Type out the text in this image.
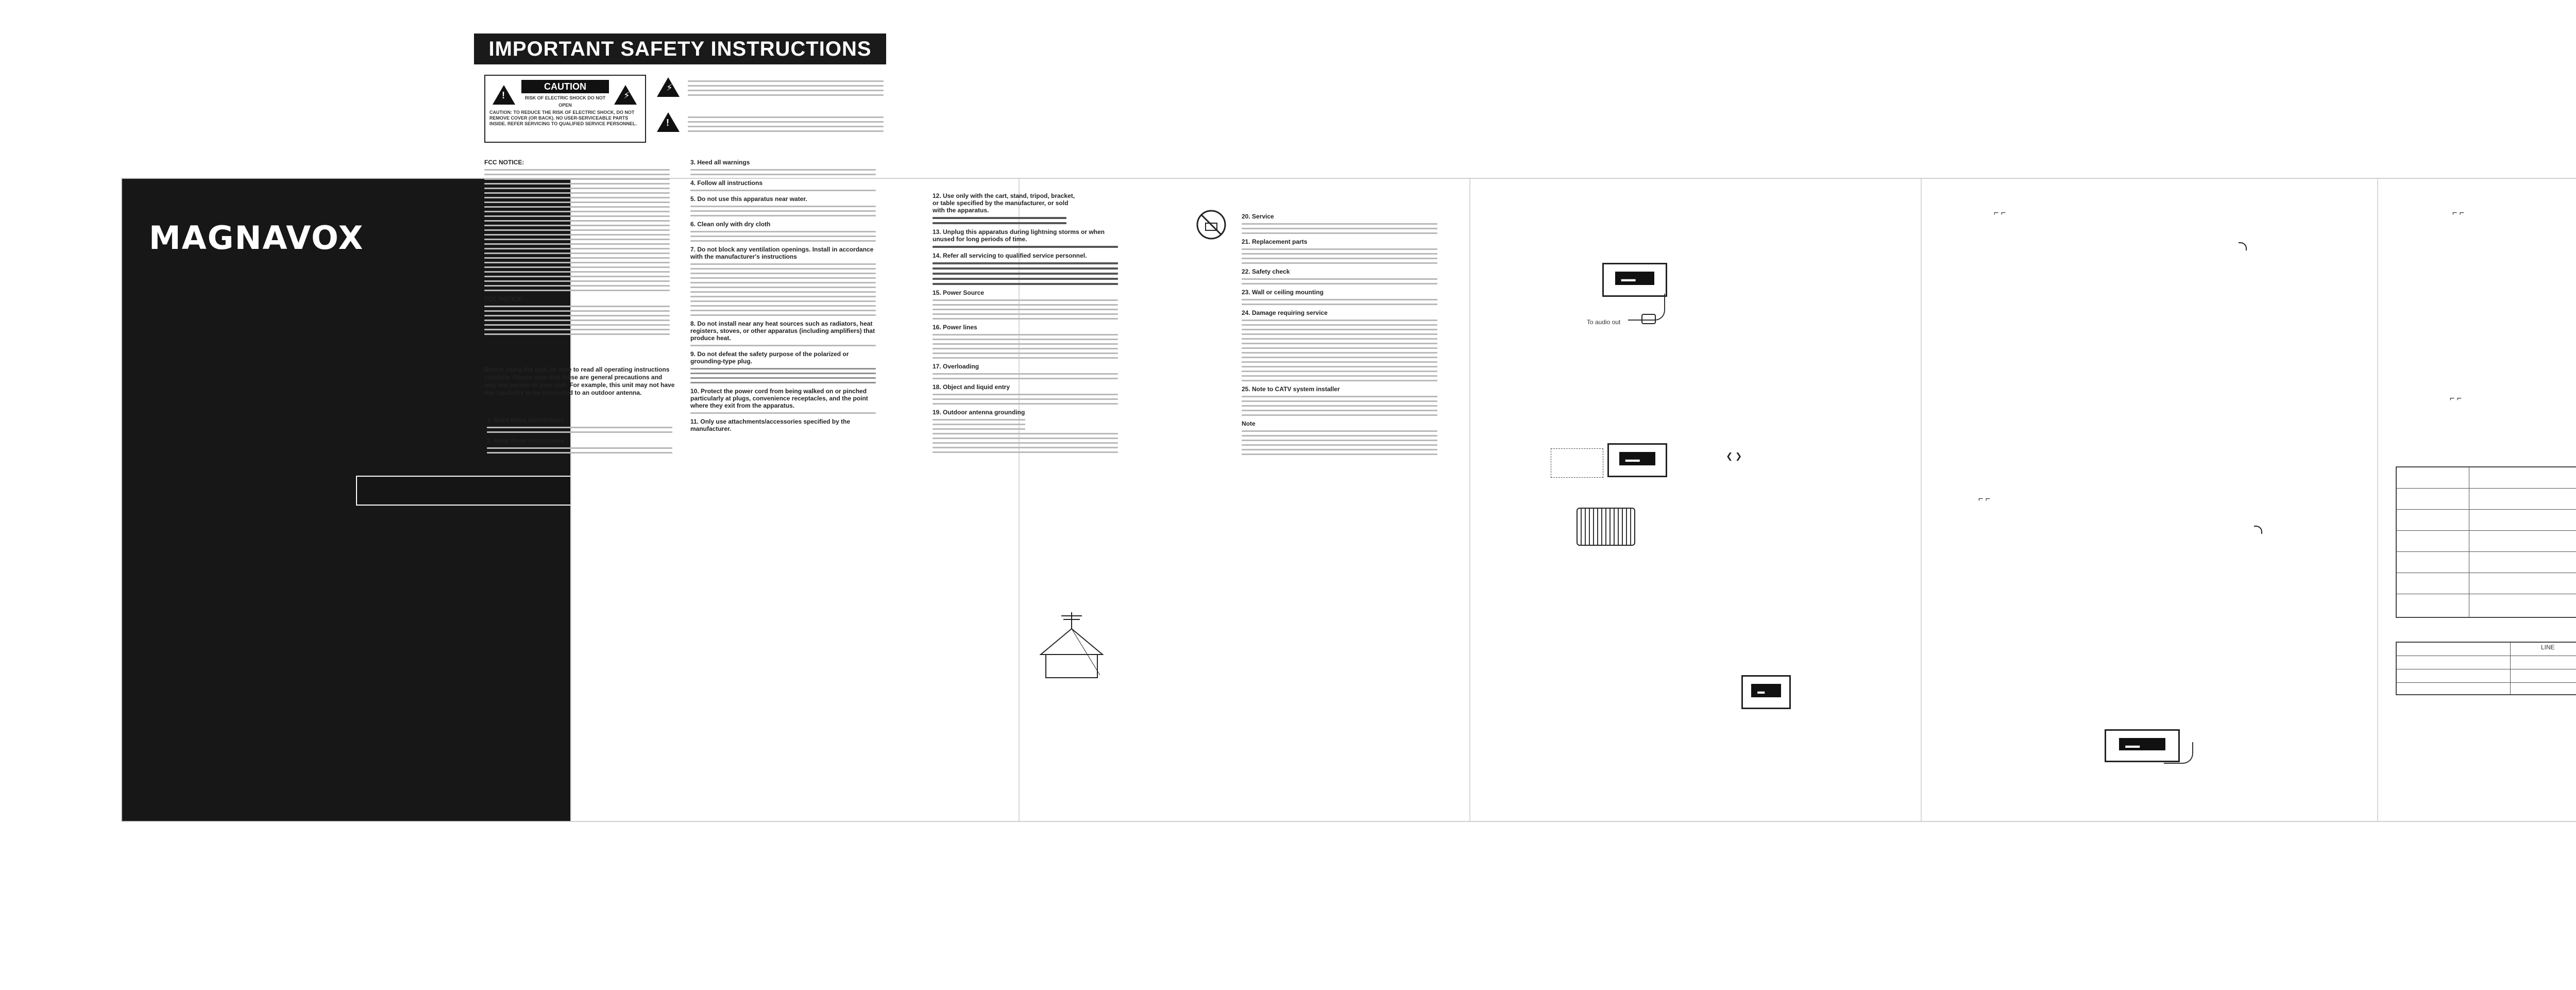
MAGNAVOX
IMPORTANT SAFETY INSTRUCTIONS
!
CAUTION
RISK OF ELECTRIC SHOCK DO NOT OPEN
⚡
CAUTION: TO REDUCE THE RISK OF ELECTRIC SHOCK, DO NOT REMOVE COVER (OR BACK). NO USER-SERVICEABLE PARTS INSIDE. REFER SERVICING TO QUALIFIED SERVICE PERSONNEL.
⚡
!
FCC NOTICE:
FCC NOTICE:
Before using the unit, be sure to read all operating instructions carefully. Please note that these are general precautions and may not pertain to your unit. For example, this unit may not have the capability to be connected to an outdoor antenna.
1. Read these instructions
2. Keep these instructions
3. Heed all warnings
4. Follow all instructions
5. Do not use this apparatus near water.
6. Clean only with dry cloth
7. Do not block any ventilation openings. Install in accordance with the manufacturer's instructions
8. Do not install near any heat sources such as radiators, heat registers, stoves, or other apparatus (including amplifiers) that produce heat.
9. Do not defeat the safety purpose of the polarized or grounding-type plug.
10. Protect the power cord from being walked on or pinched particularly at plugs, convenience receptacles, and the point where they exit from the apparatus.
11. Only use attachments/accessories specified by the manufacturer.
12. Use only with the cart, stand, tripod, bracket, or table specified by the manufacturer, or sold with the apparatus.
13. Unplug this apparatus during lightning storms or when unused for long periods of time.
14. Refer all servicing to qualified service personnel.
15. Power Source
16. Power lines
17. Overloading
18. Object and liquid entry
19. Outdoor antenna grounding
20. Service
21. Replacement parts
22. Safety check
23. Wall or ceiling mounting
24. Damage requiring service
25. Note to CATV system installer
Note
▬▬
To audio out
▬▬	❮ ❯
▬
⌐ ⌐
⌐ ⌐
▬▬
⌐ ⌐
⌐ ⌐
LINE
